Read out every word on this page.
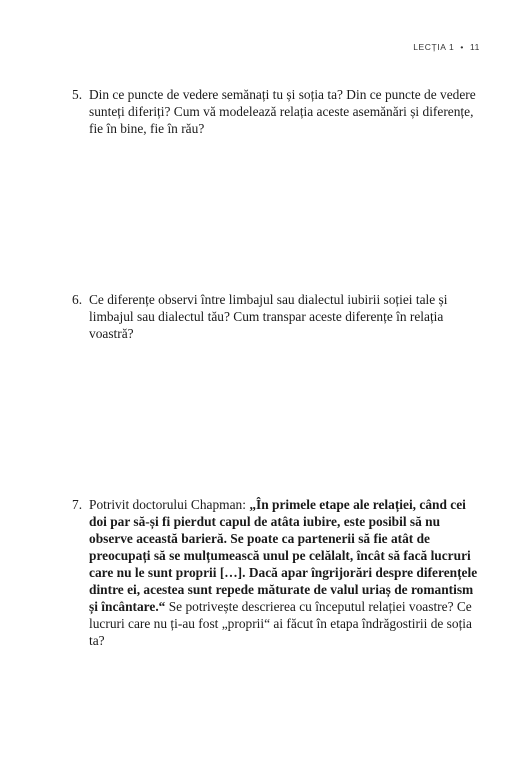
LECȚIA 1 • 11
5. Din ce puncte de vedere semănați tu și soția ta? Din ce puncte de vedere sunteți diferiți? Cum vă modelează relația aceste asemănări și diferențe, fie în bine, fie în rău?
6. Ce diferențe observi între limbajul sau dialectul iubirii soției tale și limbajul sau dialectul tău? Cum transpar aceste diferențe în relația voastră?
7. Potrivit doctorului Chapman: „În primele etape ale relației, când cei doi par să-și fi pierdut capul de atâta iubire, este posibil să nu observe această barieră. Se poate ca partenerii să fie atât de preocupați să se mulțumească unul pe celălalt, încât să facă lucruri care nu le sunt proprii […]. Dacă apar îngrijorări despre diferențele dintre ei, acestea sunt repede măturate de valul uriaș de romantism și încântare.“ Se potrivește descrierea cu începutul relației voastre? Ce lucruri care nu ți-au fost „proprii“ ai făcut în etapa îndrăgostirii de soția ta?
